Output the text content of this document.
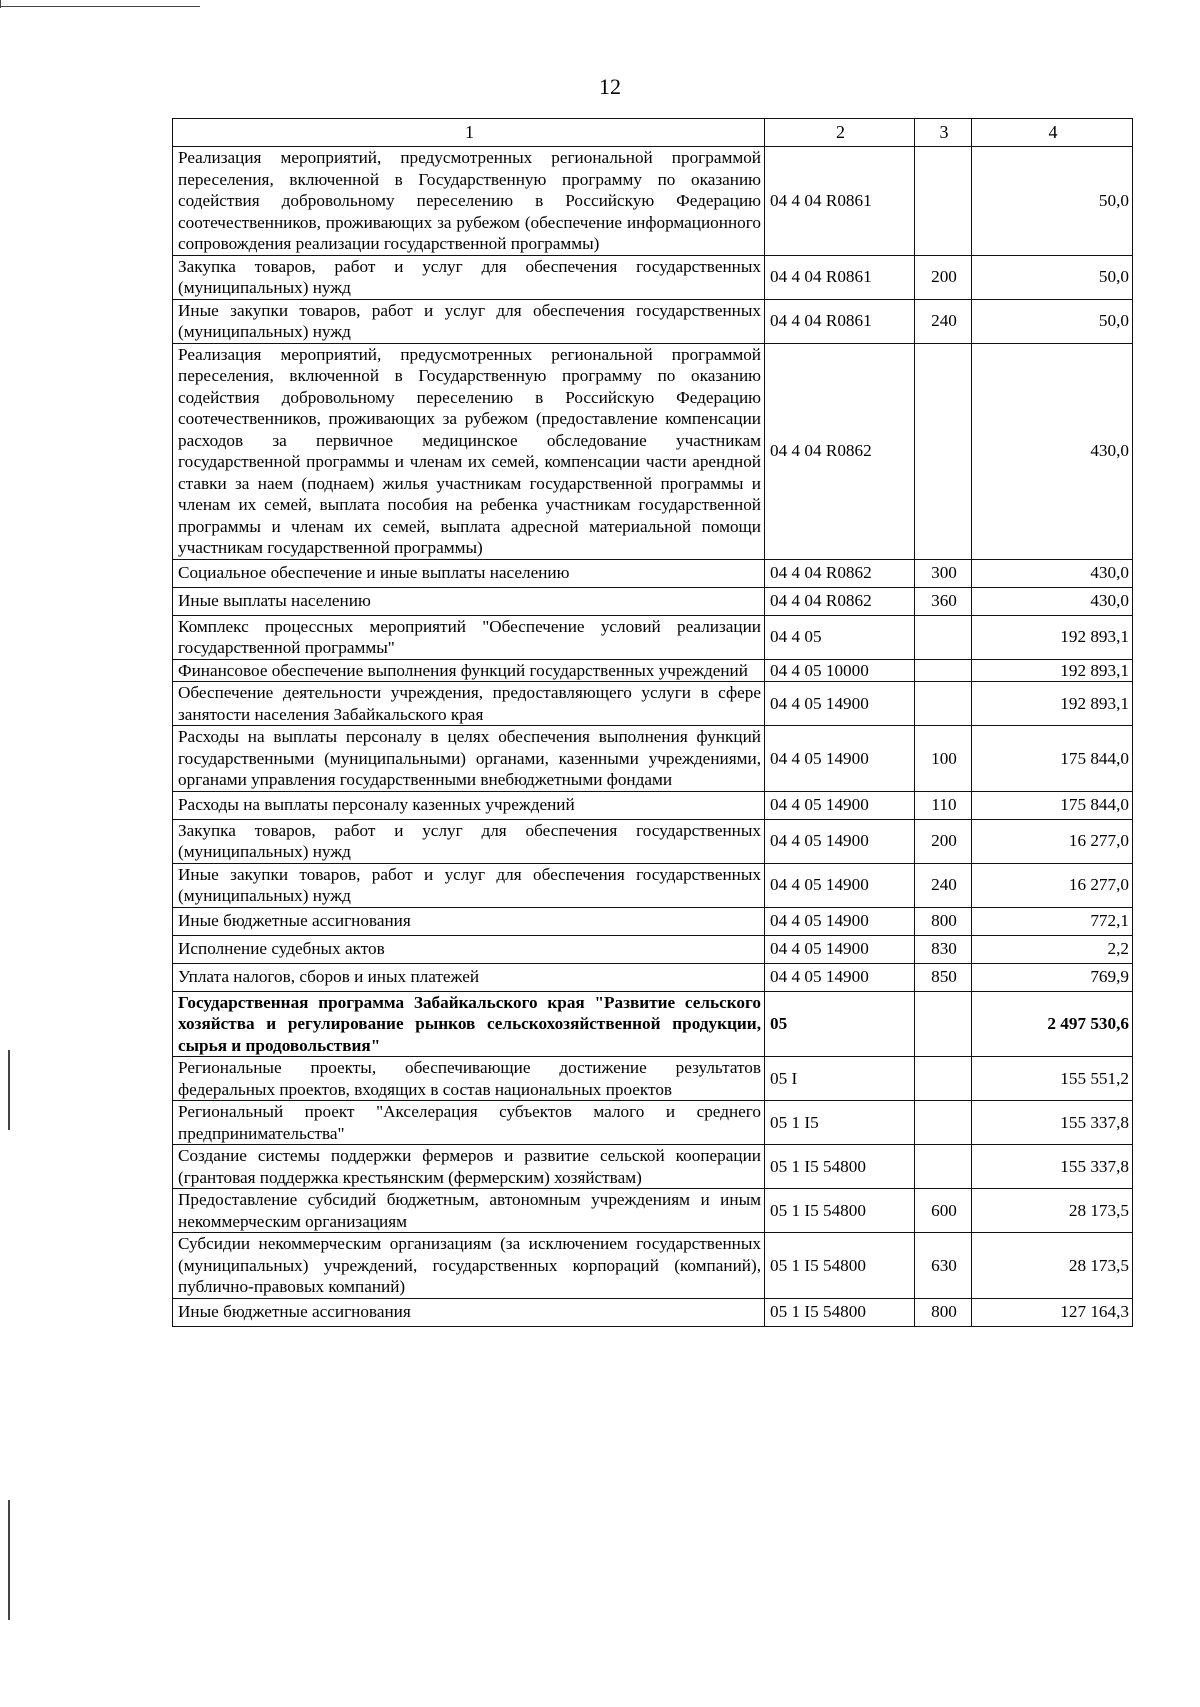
12
1	2	3	4
Реализация мероприятий, предусмотренных региональной программой переселения, включенной в Государственную программу по оказанию содействия добровольному переселению в Российскую Федерацию соотечественников, проживающих за рубежом (обеспечение информационного сопровождения реализации государственной программы)	04 4 04 R0861		50,0
Закупка товаров, работ и услуг для обеспечения государственных (муниципальных) нужд	04 4 04 R0861	200	50,0
Иные закупки товаров, работ и услуг для обеспечения государственных (муниципальных) нужд	04 4 04 R0861	240	50,0
Реализация мероприятий, предусмотренных региональной программой переселения, включенной в Государственную программу по оказанию содействия добровольному переселению в Российскую Федерацию соотечественников, проживающих за рубежом (предоставление компенсации расходов за первичное медицинское обследование участникам государственной программы и членам их семей, компенсации части арендной ставки за наем (поднаем) жилья участникам государственной программы и членам их семей, выплата пособия на ребенка участникам государственной программы и членам их семей, выплата адресной материальной помощи участникам государственной программы)	04 4 04 R0862		430,0
Социальное обеспечение и иные выплаты населению	04 4 04 R0862	300	430,0
Иные выплаты населению	04 4 04 R0862	360	430,0
Комплекс процессных мероприятий "Обеспечение условий реализации государственной программы"	04 4 05		192 893,1
Финансовое обеспечение выполнения функций государственных учреждений	04 4 05 10000		192 893,1
Обеспечение деятельности учреждения, предоставляющего услуги в сфере занятости населения Забайкальского края	04 4 05 14900		192 893,1
Расходы на выплаты персоналу в целях обеспечения выполнения функций государственными (муниципальными) органами, казенными учреждениями, органами управления государственными внебюджетными фондами	04 4 05 14900	100	175 844,0
Расходы на выплаты персоналу казенных учреждений	04 4 05 14900	110	175 844,0
Закупка товаров, работ и услуг для обеспечения государственных (муниципальных) нужд	04 4 05 14900	200	16 277,0
Иные закупки товаров, работ и услуг для обеспечения государственных (муниципальных) нужд	04 4 05 14900	240	16 277,0
Иные бюджетные ассигнования	04 4 05 14900	800	772,1
Исполнение судебных актов	04 4 05 14900	830	2,2
Уплата налогов, сборов и иных платежей	04 4 05 14900	850	769,9
Государственная программа Забайкальского края "Развитие сельского хозяйства и регулирование рынков сельскохозяйственной продукции, сырья и продовольствия"	05		2 497 530,6
Региональные проекты, обеспечивающие достижение результатов федеральных проектов, входящих в состав национальных проектов	05 I		155 551,2
Региональный проект "Акселерация субъектов малого и среднего предпринимательства"	05 1 I5		155 337,8
Создание системы поддержки фермеров и развитие сельской кооперации (грантовая поддержка крестьянским (фермерским) хозяйствам)	05 1 I5 54800		155 337,8
Предоставление субсидий бюджетным, автономным учреждениям и иным некоммерческим организациям	05 1 I5 54800	600	28 173,5
Субсидии некоммерческим организациям (за исключением государственных (муниципальных) учреждений, государственных корпораций (компаний), публично-правовых компаний)	05 1 I5 54800	630	28 173,5
Иные бюджетные ассигнования	05 1 I5 54800	800	127 164,3
